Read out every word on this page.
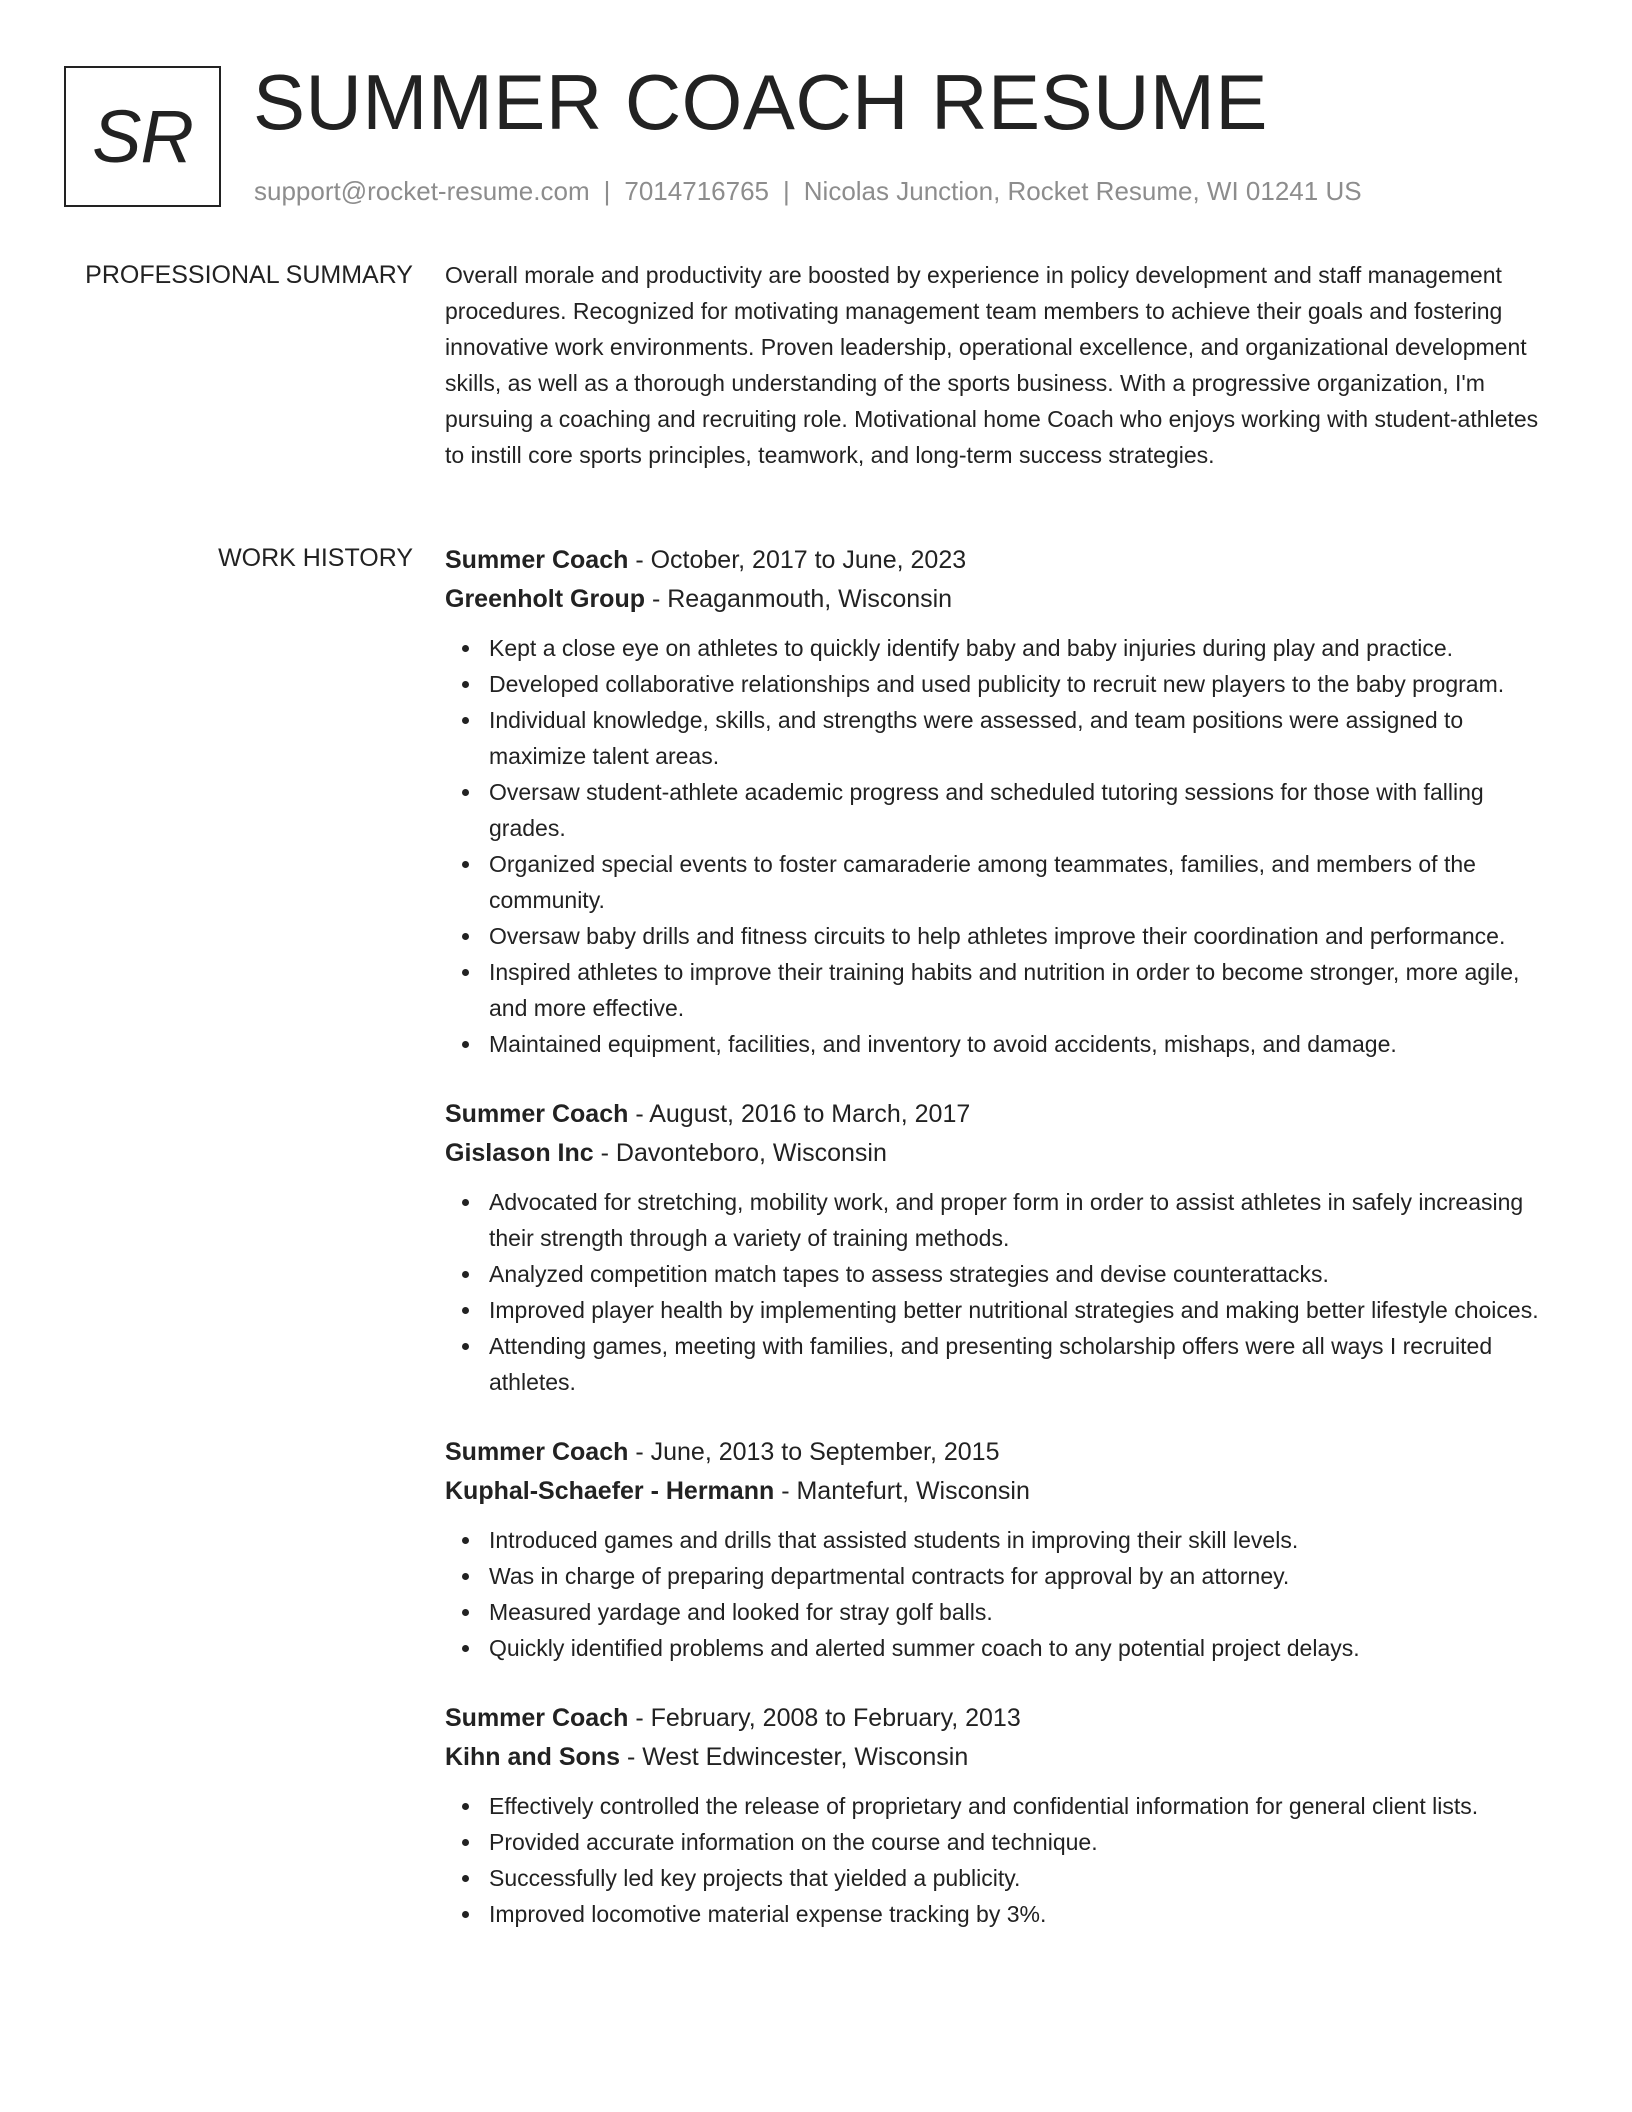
SR SUMMER COACH RESUME
support@rocket-resume.com | 7014716765 | Nicolas Junction, Rocket Resume, WI 01241 US
PROFESSIONAL SUMMARY Overall morale and productivity are boosted by experience in policy development and staff management procedures. Recognized for motivating management team members to achieve their goals and fostering innovative work environments. Proven leadership, operational excellence, and organizational development skills, as well as a thorough understanding of the sports business. With a progressive organization, I'm pursuing a coaching and recruiting role. Motivational home Coach who enjoys working with student-athletes to instill core sports principles, teamwork, and long-term success strategies.

WORK HISTORY Summer Coach - October, 2017 to June, 2023
Greenholt Group - Reaganmouth, Wisconsin
Kept a close eye on athletes to quickly identify baby and baby injuries during play and practice.
Developed collaborative relationships and used publicity to recruit new players to the baby program.
Individual knowledge, skills, and strengths were assessed, and team positions were assigned to maximize talent areas.
Oversaw student-athlete academic progress and scheduled tutoring sessions for those with falling grades.
Organized special events to foster camaraderie among teammates, families, and members of the community.
Oversaw baby drills and fitness circuits to help athletes improve their coordination and performance.
Inspired athletes to improve their training habits and nutrition in order to become stronger, more agile, and more effective.
Maintained equipment, facilities, and inventory to avoid accidents, mishaps, and damage.
Summer Coach - August, 2016 to March, 2017
Gislason Inc - Davonteboro, Wisconsin
Advocated for stretching, mobility work, and proper form in order to assist athletes in safely increasing their strength through a variety of training methods.
Analyzed competition match tapes to assess strategies and devise counterattacks.
Improved player health by implementing better nutritional strategies and making better lifestyle choices.
Attending games, meeting with families, and presenting scholarship offers were all ways I recruited athletes.
Summer Coach - June, 2013 to September, 2015
Kuphal-Schaefer - Hermann - Mantefurt, Wisconsin
Introduced games and drills that assisted students in improving their skill levels.
Was in charge of preparing departmental contracts for approval by an attorney.
Measured yardage and looked for stray golf balls.
Quickly identified problems and alerted summer coach to any potential project delays.
Summer Coach - February, 2008 to February, 2013
Kihn and Sons - West Edwincester, Wisconsin
Effectively controlled the release of proprietary and confidential information for general client lists.
Provided accurate information on the course and technique.
Successfully led key projects that yielded a publicity.
Improved locomotive material expense tracking by 3%.
